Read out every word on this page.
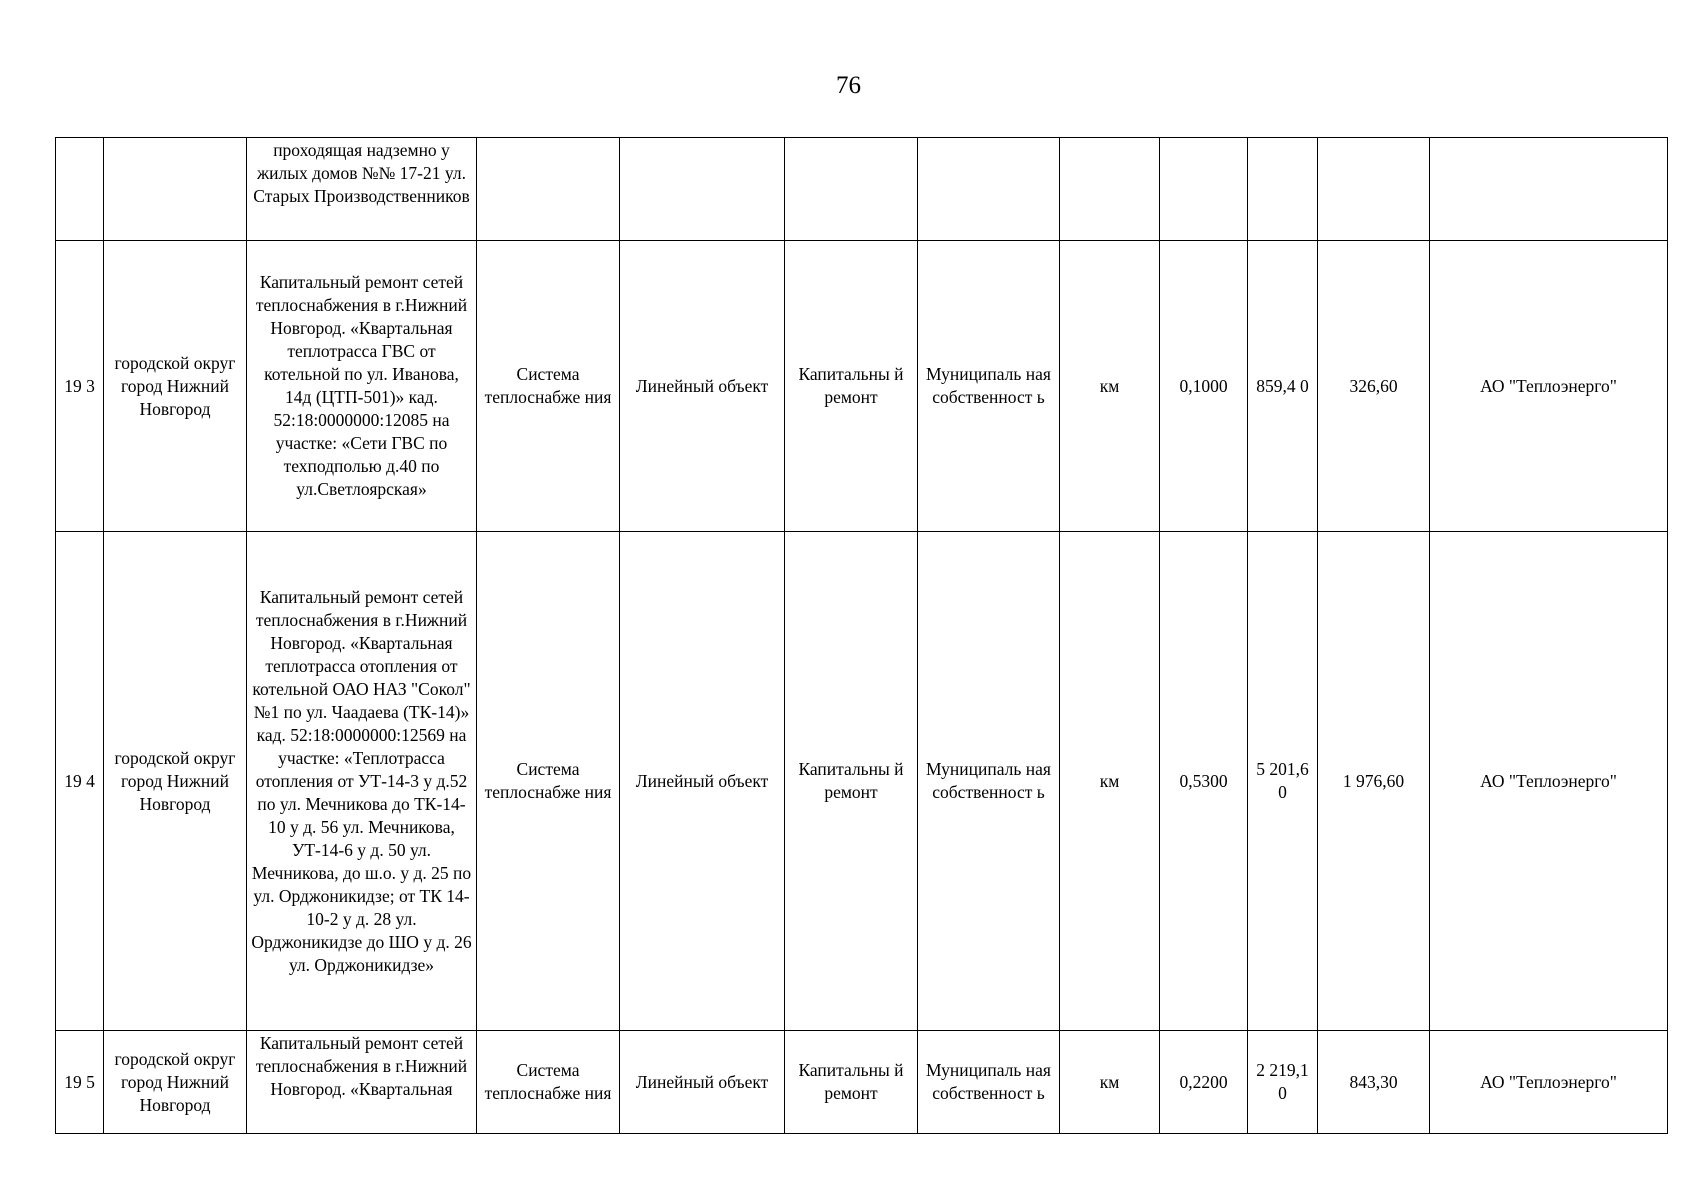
76
		проходящая надземно у жилых домов №№ 17-21 ул. Старых Производственников									
19 3	городской округ город Нижний Новгород	Капитальный ремонт сетей теплоснабжения в г.Нижний Новгород. «Квартальная теплотрасса ГВС от котельной по ул. Иванова, 14д (ЦТП-501)» кад. 52:18:0000000:12085 на участке: «Сети ГВС по техподполью д.40 по ул.Светлоярская»	Система теплоснабже ния	Линейный объект	Капитальны й ремонт	Муниципаль ная собственност ь	км	0,1000	859,4 0	326,60	АО "Теплоэнерго"
19 4	городской округ город Нижний Новгород	Капитальный ремонт сетей теплоснабжения в г.Нижний Новгород. «Квартальная теплотрасса отопления от котельной ОАО НАЗ "Сокол" №1 по ул. Чаадаева (ТК-14)» кад. 52:18:0000000:12569 на участке: «Теплотрасса отопления от УТ-14-3 у д.52 по ул. Мечникова до ТК-14-10 у д. 56 ул. Мечникова, УТ-14-6 у д. 50 ул. Мечникова, до ш.о. у д. 25 по ул. Орджоникидзе; от ТК 14-10-2 у д. 28 ул. Орджоникидзе до ШО у д. 26 ул. Орджоникидзе»	Система теплоснабже ния	Линейный объект	Капитальны й ремонт	Муниципаль ная собственност ь	км	0,5300	5 201,6 0	1 976,60	АО "Теплоэнерго"
19 5	городской округ город Нижний Новгород	Капитальный ремонт сетей теплоснабжения в г.Нижний Новгород. «Квартальная	Система теплоснабже ния	Линейный объект	Капитальны й ремонт	Муниципаль ная собственност ь	км	0,2200	2 219,1 0	843,30	АО "Теплоэнерго"
